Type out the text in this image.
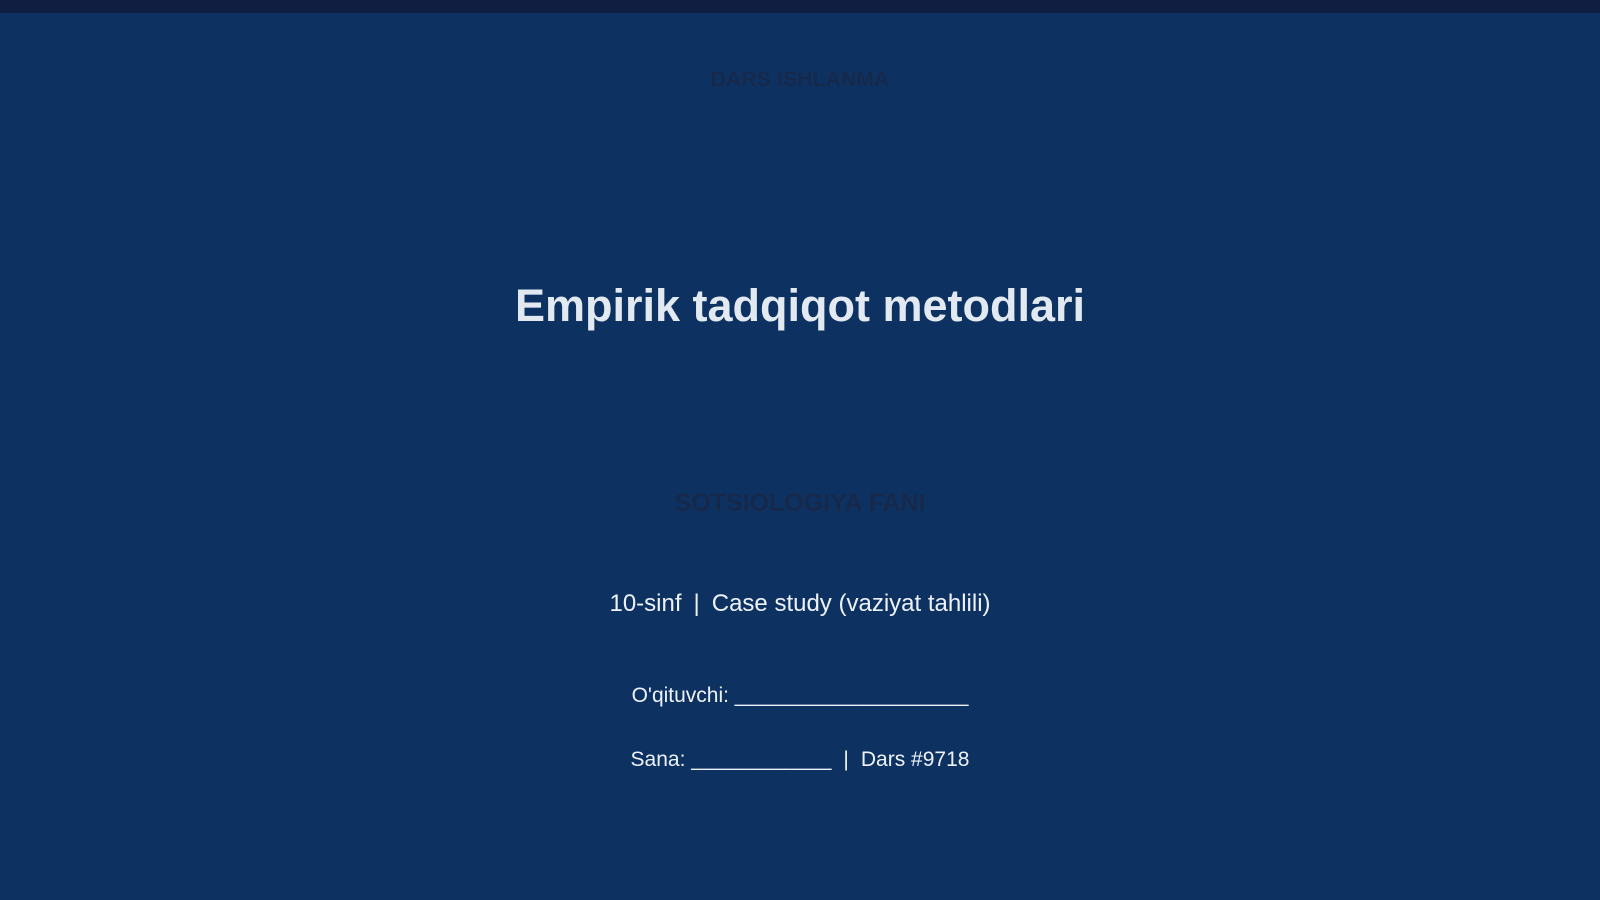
DARS ISHLANMA
Empirik tadqiqot metodlari
SOTSIOLOGIYA FANI
10-sinf | Case study (vaziyat tahlili)
O'qituvchi: ____________________
Sana: ____________ | Dars #9718
